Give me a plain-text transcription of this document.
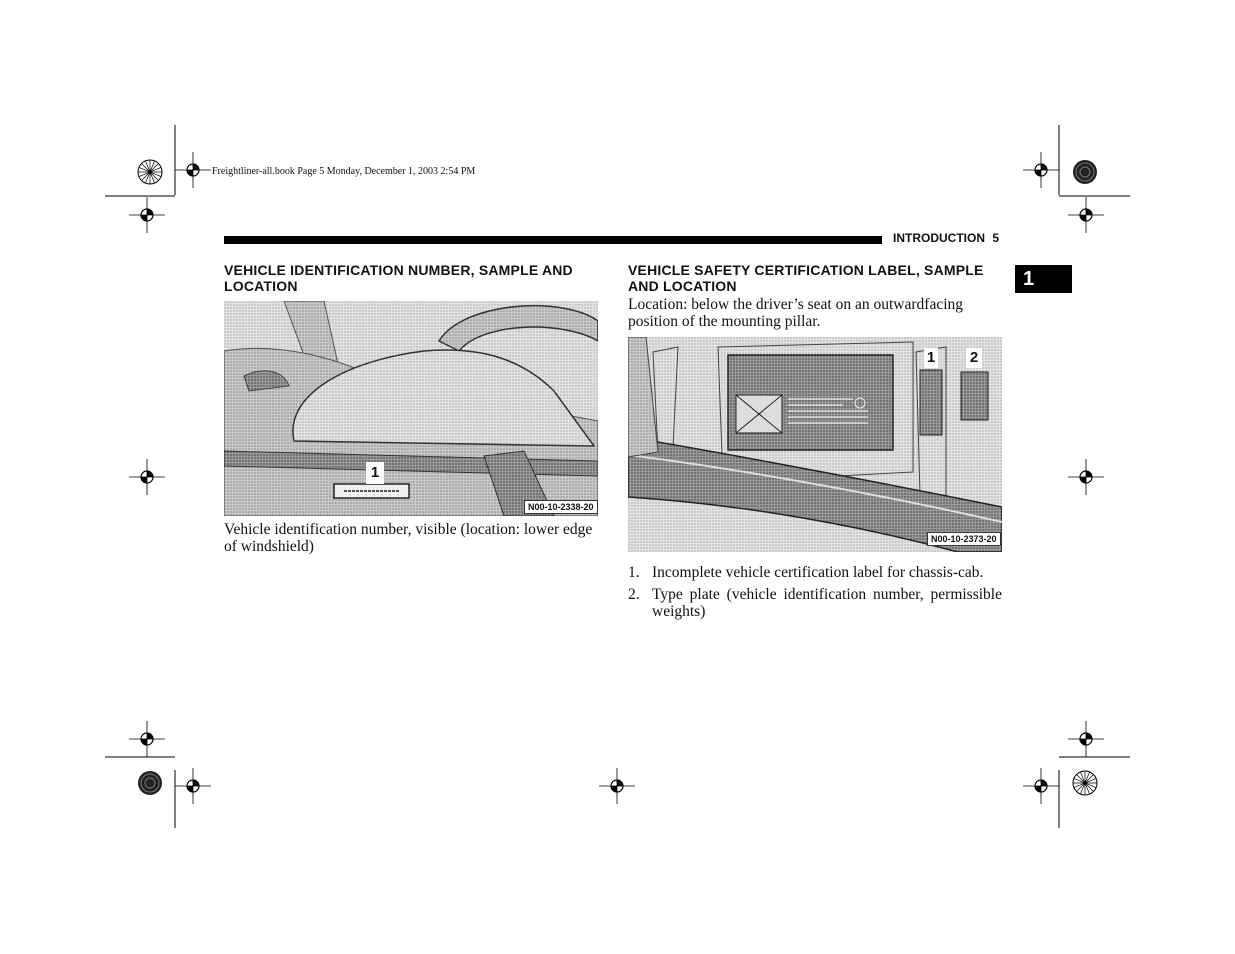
Freightliner-all.book Page 5 Monday, December 1, 2003 2:54 PM
INTRODUCTION 5
1
VEHICLE IDENTIFICATION NUMBER, SAMPLE AND LOCATION
1
N00-10-2338-20
Vehicle identification number, visible (location: lower edge of windshield)
VEHICLE SAFETY CERTIFICATION LABEL, SAMPLE AND LOCATION
Location: below the driver’s seat on an outwardfacing position of the mounting pillar.
1 2
N00-10-2373-20
1. Incomplete vehicle certification label for chassis-cab.
2. Type plate (vehicle identification number, permissible weights)
